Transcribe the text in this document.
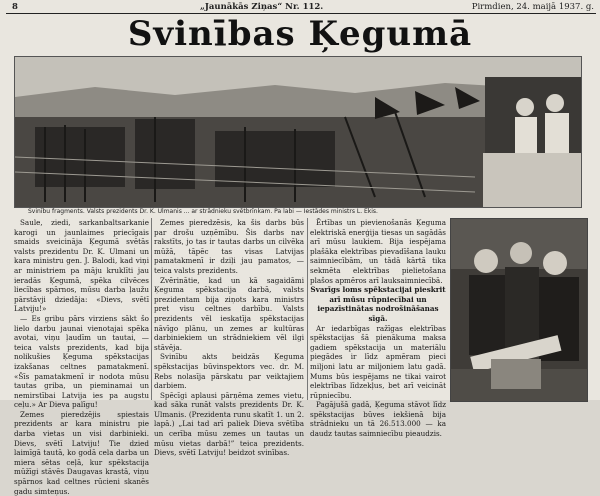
8	„Jaunākās Ziņas“ Nr. 112.	Pirmdien, 24. maijā 1937. g.
Svinības Ķegumā
Svinību fragments. Valsts prezidents Dr. K. Ulmanis ... ar strādnieku svētbrīnkam. Pa labi — Iestādes ministrs L. Ekis.

Saule, ziedi, sarkanbaltsarkanie karogi un jaunlaimes priecīgais smaids sveicināja Ķegumā svētās valsts prezidentu Dr. K. Ulmani un kara ministru gen. J. Balodi, kad viņi ar ministriem pa māju kruklīti jau ieradās Ķegumā, spēka cilvēces liecības spārnos, mūsu darba ļaužu pārstāvji dziedāja: «Dievs, svētī Latviju!»

— Es gribu pārs virziens sākt šo lielo darbu jaunai vienotajai spēka avotai, viņu ļaudīm un tautai, — teica valsts prezidents, kad bija nolikušies Ķeguma spēkstacijas izakšanas celtnes pamatakmenī. «Šīs pamatakmenī ir nodota mūsu tautas griba, un pieminamai un nemirstībai Latvija ies pa augstu ceļu.» Ar Dieva palīgu!

Zemes pieredzējis spiestais prezidents ar kara ministru pie darba vietas un visi darbinieki. Dievs, svētī Latviju! Tie dzied laimīgā tautā, ko godā cela darba un miera sētas ceļā, kur spēkstacija mūžīgi stāvēs Daugavas krastā, viņu spārnos kad celtnes rūcieni skanēs gadu simteņus.

Zemes pieredzēsis, ka šis darbs būs par drošu uzņēmību. Šis darbs nav rakstīts, jo tas ir tautas darbs un cilvēka mūžā, tāpēc tas visas Latvijas pamatakmenī ir dziļi jau pamatos, — teica valsts prezidents.

Zvērinātie, kad un kā sagaidāmi Ķeguma spēkstacija darbā, valsts prezidentam bija ziņots kara ministrs pret visu celtnes darbību. Valsts prezidents vēl ieskatīja spēkstacijas nāvīgo plānu, un zemes ar kultūras darbiniekiem un strādniekiem vēl ilgi stāvēja.

Svinību akts beidzās Ķeguma spēkstacijas būvinspektors vec. dr. M. Rebs nolasīja pārskatu par veiktajiem darbiem.

Spēcīgi aplausi pārņēma zemes vietu, kad sāka runāt valsts prezidents Dr. K. Ulmanis. (Prezidenta runu skatīt 1. un 2. lapā.) „Lai tad arī paliek Dieva svētība un cerība mūsu zemes un tautas un mūsu vietas darbā!” teica prezidents. Dievs, svētī Latviju! beidzot svinības.

Ērtības un pievienošanās Ķeguma elektriskā enerģija tiesas un sagādās arī mūsu laukiem. Bija iespējama plašāka elektrības pievadīšana lauku saimniecībām, un tādā kārtā tika sekmēta elektrības pielietošana plašos apmēros arī lauksaimniecībā.

Svarīgs loms spēkstacijai pieskrit arī mūsu rūpniecībai un iepazīstinātas nodrošināšanas sīgā.

Ar iedarbīgas ražīgas elektrības spēkstacijas šā pienākuma maksa gadiem spēkstacija un materiālu piegādes ir līdz apmēram pieci miljoni latu ar miljoniem latu gadā. Mums būs iespējams ne tikai vairot elektrības līdzekļus, bet arī veicināt rūpniecību.

Pagājušā gadā, Ķeguma stāvot līdz spēkstacijas būves iekšienā bija strādnieku un tā 26.513.000 — ka daudz tautas saimniecību pieaudzis.
